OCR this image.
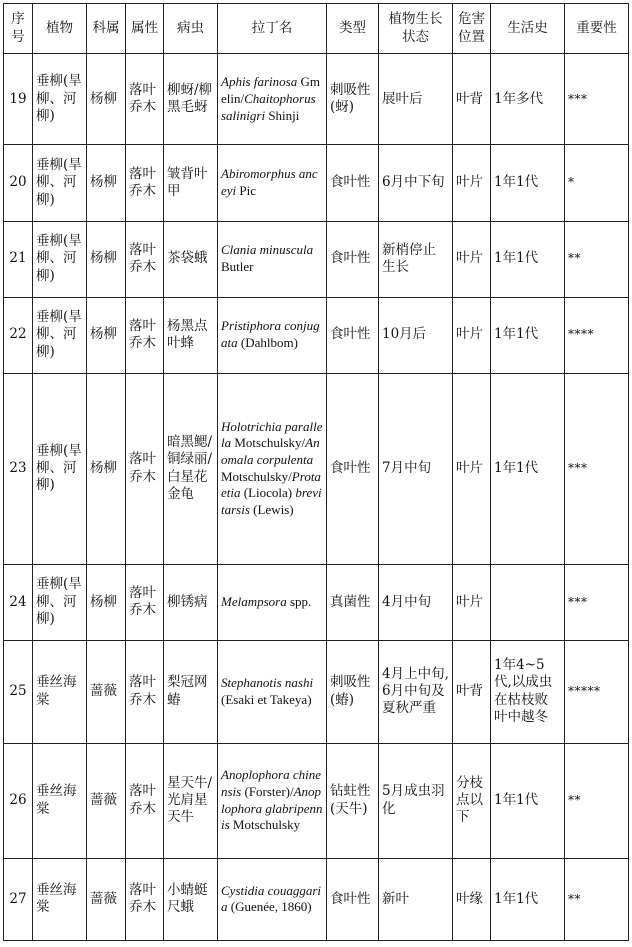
序号	植物	科属	属性	病虫	拉丁名	类型	植物生长状态	危害位置	生活史	重要性
19	垂柳(旱柳、河柳)	杨柳	落叶乔木	柳蚜/柳黑毛蚜	Aphis farinosa Gmelin/Chaitophorus salinigri Shinji	刺吸性(蚜)	展叶后	叶背	1年多代	***
20	垂柳(旱柳、河柳)	杨柳	落叶乔木	皱背叶甲	Abiromorphus anceyi Pic	食叶性	6月中下旬	叶片	1年1代	*
21	垂柳(旱柳、河柳)	杨柳	落叶乔木	茶袋蛾	Clania minuscula Butler	食叶性	新梢停止生长	叶片	1年1代	**
22	垂柳(旱柳、河柳)	杨柳	落叶乔木	杨黑点叶蜂	Pristiphora conjugata (Dahlbom)	食叶性	10月后	叶片	1年1代	****
23	垂柳(旱柳、河柳)	杨柳	落叶乔木	暗黑鳃/铜绿丽/白星花金龟	Holotrichia parallela Motschulsky/Anomala corpulenta Motschulsky/Protaetia (Liocola) brevitarsis (Lewis)	食叶性	7月中旬	叶片	1年1代	***
24	垂柳(旱柳、河柳)	杨柳	落叶乔木	柳锈病	Melampsora spp.	真菌性	4月中旬	叶片		***
25	垂丝海棠	蔷薇	落叶乔木	梨冠网蝽	Stephanotis nashi (Esaki et Takeya)	刺吸性(蝽)	4月上中旬,6月中旬及夏秋严重	叶背	1年4~5代,以成虫在枯枝败叶中越冬	*****
26	垂丝海棠	蔷薇	落叶乔木	星天牛/光肩星天牛	Anoplophora chinensis (Forster)/Anoplophora glabripennis Motschulsky	钻蛀性(天牛)	5月成虫羽化	分枝点以下	1年1代	**
27	垂丝海棠	蔷薇	落叶乔木	小蜻蜓尺蛾	Cystidia couaggaria (Guenée, 1860)	食叶性	新叶	叶缘	1年1代	**
